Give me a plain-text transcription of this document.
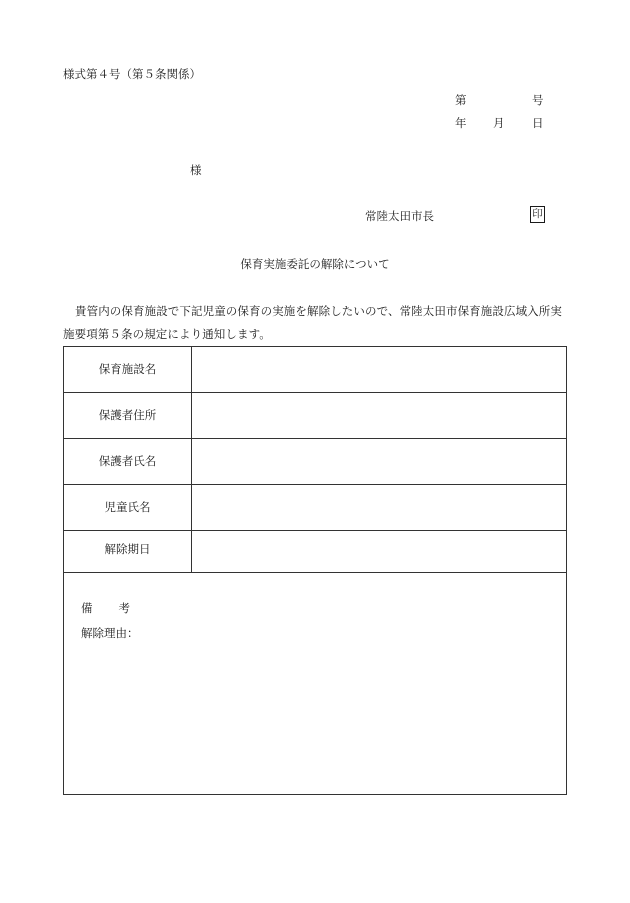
様式第４号（第５条関係）
第	号
年 月 日
様
常陸太田市長	印
保育実施委託の解除について
貴管内の保育施設で下記児童の保育の実施を解除したいので、常陸太田市保育施設広域入所実施要項第５条の規定により通知します。
保育施設名
保護者住所
保護者氏名
児童氏名
解除期日
備 考
解除理由：
